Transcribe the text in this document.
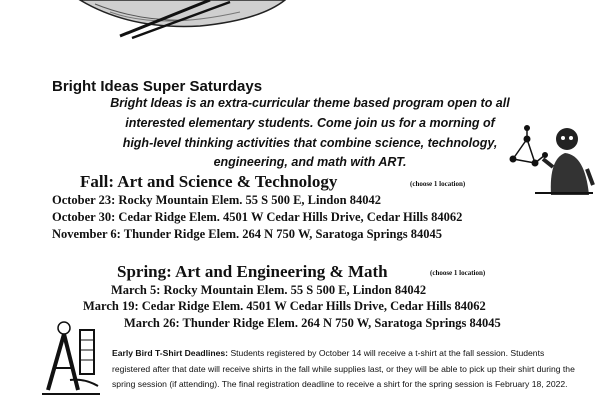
Bright Ideas Super Saturdays
Bright Ideas is an extra-curricular theme based program open to all
interested elementary students. Come join us for a morning of
high-level thinking activities that combine science, technology,
engineering, and math with ART.
Fall: Art and Science & Technology	(choose 1 location)
October 23: Rocky Mountain Elem. 55 S 500 E, Lindon 84042
October 30: Cedar Ridge Elem. 4501 W Cedar Hills Drive, Cedar Hills 84062
November 6: Thunder Ridge Elem. 264 N 750 W, Saratoga Springs 84045
Spring: Art and Engineering & Math	(choose 1 location)
March 5: Rocky Mountain Elem. 55 S 500 E, Lindon 84042
March 19: Cedar Ridge Elem. 4501 W Cedar Hills Drive, Cedar Hills 84062
March 26: Thunder Ridge Elem. 264 N 750 W, Saratoga Springs 84045
Early Bird T-Shirt Deadlines: Students registered by October 14 will receive a t-shirt at the fall session. Students registered after that date will receive shirts in the fall while supplies last, or they will be able to pick up their shirt during the spring session (if attending). The final registration deadline to receive a shirt for the spring session is February 18, 2022.
